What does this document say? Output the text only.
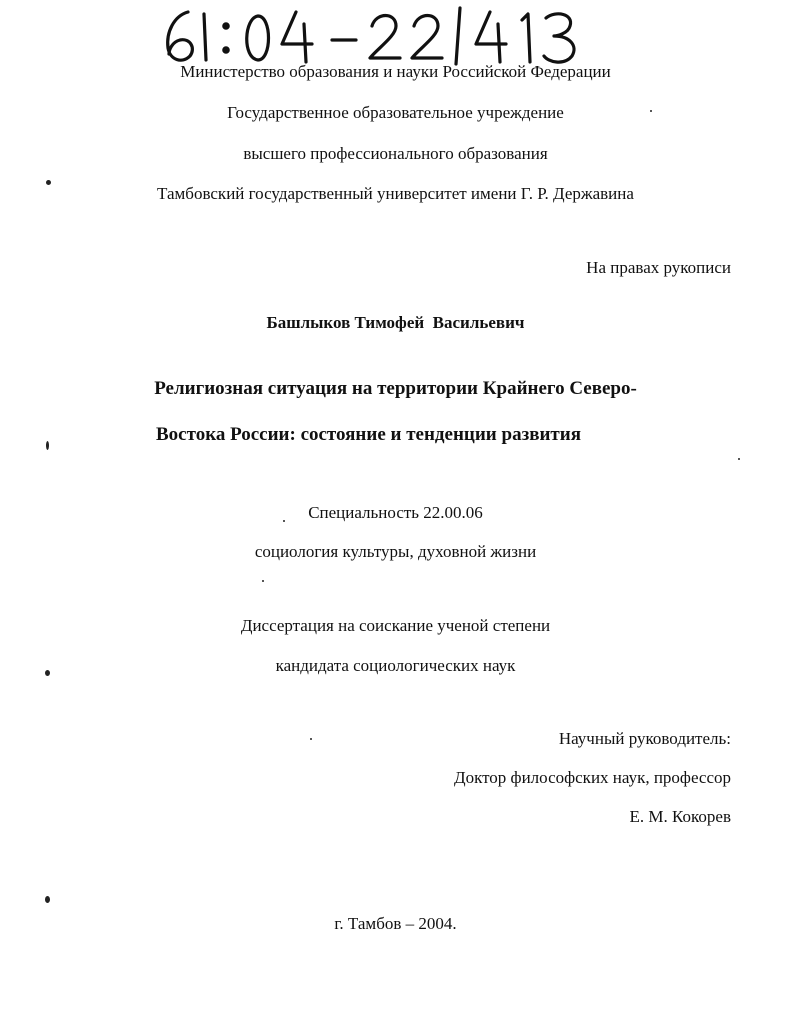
Министерство образования и науки Российской Федерации
Государственное образовательное учреждение
высшего профессионального образования
Тамбовский государственный университет имени Г. Р. Державина
На правах рукописи
Башлыков Тимофей  Васильевич
Религиозная ситуация на территории Крайнего Северо-
Востока России: состояние и тенденции развития
Специальность 22.00.06
социология культуры, духовной жизни
Диссертация на соискание ученой степени
кандидата социологических наук
Научный руководитель:
Доктор философских наук, профессор
Е. М. Кокорев
г. Тамбов – 2004.
